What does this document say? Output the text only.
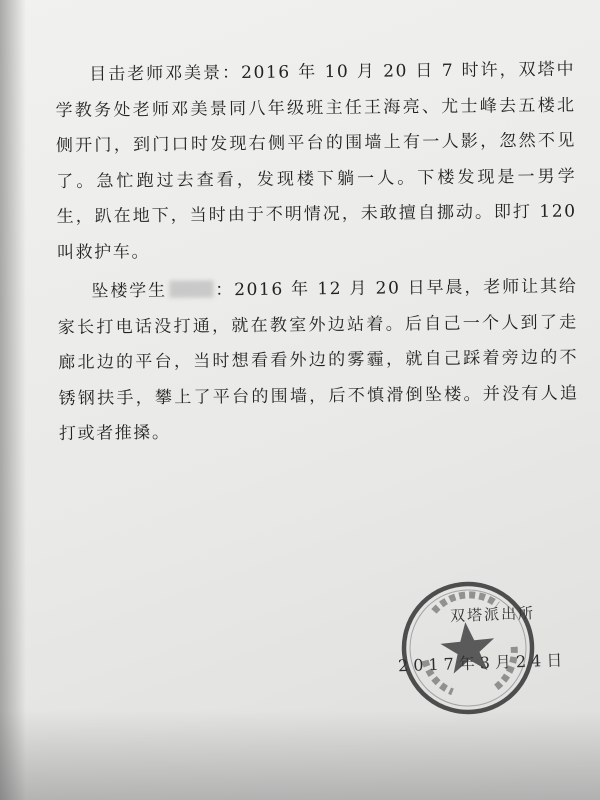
目击老师邓美景：2016 年 10 月 20 日 7 时许，双塔中学教务处老师邓美景同八年级班主任王海亮、尤士峰去五楼北侧开门，到门口时发现右侧平台的围墙上有一人影，忽然不见了。急忙跑过去查看，发现楼下躺一人。下楼发现是一男学生，趴在地下，当时由于不明情况，未敢擅自挪动。即打 120 叫救护车。

坠楼学生	：2016 年 12 月 20 日早晨，老师让其给家长打电话没打通，就在教室外边站着。后自己一个人到了走廊北边的平台，当时想看看外边的雾霾，就自己踩着旁边的不锈钢扶手，攀上了平台的围墙，后不慎滑倒坠楼。并没有人追打或者推搡。

双塔派出所
2017年3月24日
